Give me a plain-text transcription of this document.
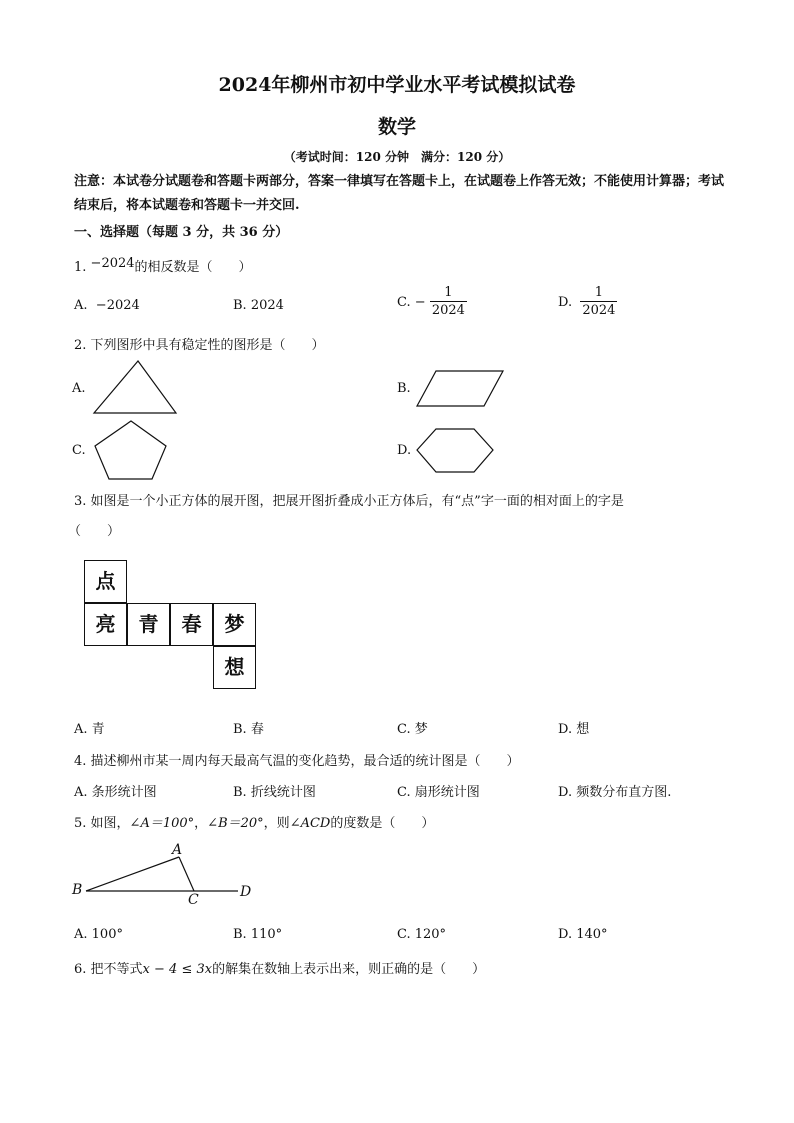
2024年柳州市初中学业水平考试模拟试卷
数学
（考试时间：120 分钟　满分：120 分）
注意：本试卷分试题卷和答题卡两部分，答案一律填写在答题卡上，在试题卷上作答无效；不能使用计算器；考试结束后，将本试题卷和答题卡一并交回.
一、选择题（每题 3 分，共 36 分）
1. −2024的相反数是（　　）
A. −2024	B. 2024	C. − $\frac{1}{2024}$	D. $\frac{1}{2024}$
2. 下列图形中具有稳定性的图形是（　　）
A.	B.
C.	D.
3. 如图是一个小正方体的展开图，把展开图折叠成小正方体后，有“点”字一面的相对面上的字是
（　　）
点
亮	青	春	梦
想
A. 青	B. 春	C. 梦	D. 想
4. 描述柳州市某一周内每天最高气温的变化趋势，最合适的统计图是（　　）
A. 条形统计图	B. 折线统计图	C. 扇形统计图	D. 频数分布直方图.
5. 如图，∠A＝100°，∠B＝20°，则∠ACD的度数是（　　）
A
B
C	D
A. 100°	B. 110°	C. 120°	D. 140°
6. 把不等式x − 4 ≤ 3x的解集在数轴上表示出来，则正确的是（　　）
